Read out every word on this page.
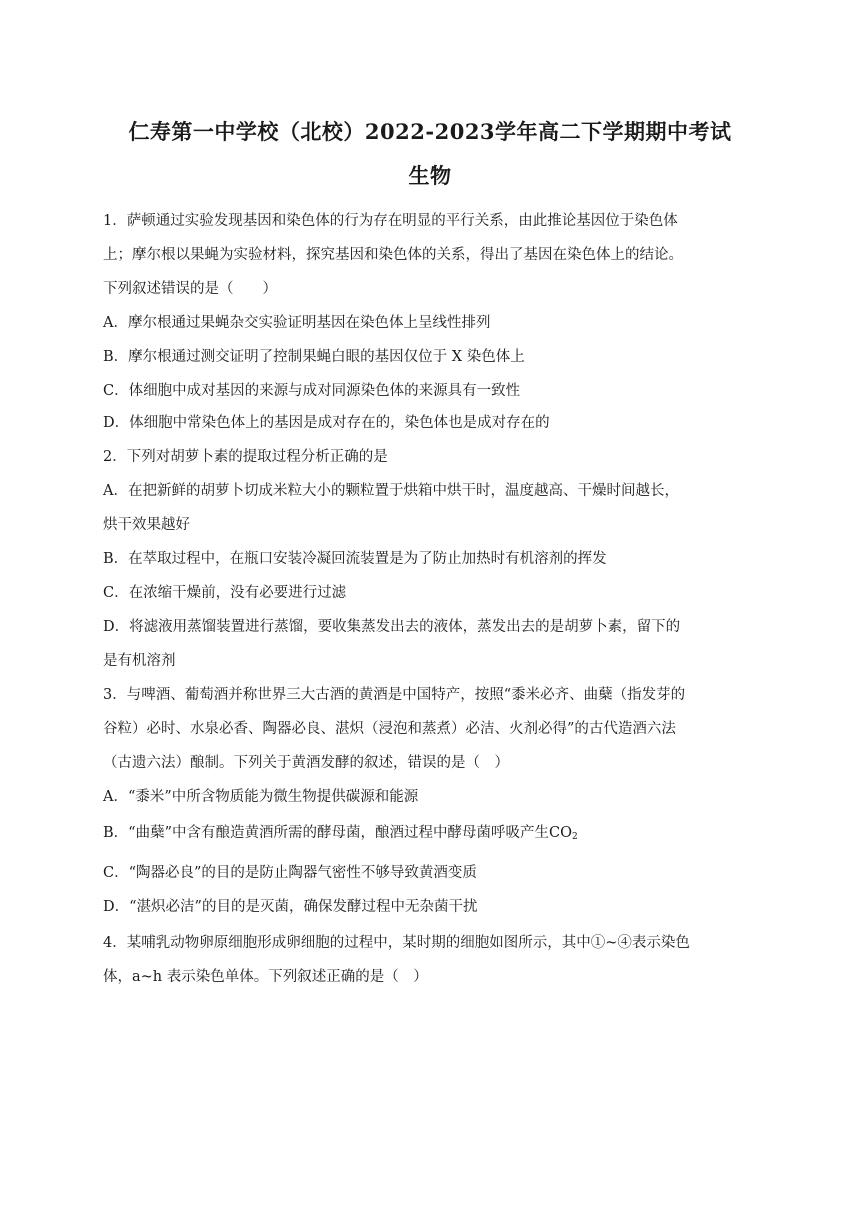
仁寿第一中学校（北校）2022-2023学年高二下学期期中考试
生物
1．萨顿通过实验发现基因和染色体的行为存在明显的平行关系，由此推论基因位于染色体
上；摩尔根以果蝇为实验材料，探究基因和染色体的关系，得出了基因在染色体上的结论。
下列叙述错误的是（　　）
A．摩尔根通过果蝇杂交实验证明基因在染色体上呈线性排列
B．摩尔根通过测交证明了控制果蝇白眼的基因仅位于 X 染色体上
C．体细胞中成对基因的来源与成对同源染色体的来源具有一致性
D．体细胞中常染色体上的基因是成对存在的，染色体也是成对存在的
2．下列对胡萝卜素的提取过程分析正确的是
A．在把新鲜的胡萝卜切成米粒大小的颗粒置于烘箱中烘干时，温度越高、干燥时间越长，
烘干效果越好
B．在萃取过程中，在瓶口安装冷凝回流装置是为了防止加热时有机溶剂的挥发
C．在浓缩干燥前，没有必要进行过滤
D．将滤液用蒸馏装置进行蒸馏，要收集蒸发出去的液体，蒸发出去的是胡萝卜素，留下的
是有机溶剂
3．与啤酒、葡萄酒并称世界三大古酒的黄酒是中国特产，按照“黍米必齐、曲蘖（指发芽的
谷粒）必时、水泉必香、陶器必良、湛炽（浸泡和蒸煮）必洁、火剂必得”的古代造酒六法
（古遗六法）酿制。下列关于黄酒发酵的叙述，错误的是（　）
A．“黍米”中所含物质能为微生物提供碳源和能源
B．“曲蘖”中含有酿造黄酒所需的酵母菌，酿酒过程中酵母菌呼吸产生$CO_2$
C．“陶器必良”的目的是防止陶器气密性不够导致黄酒变质
D．“湛炽必洁”的目的是灭菌，确保发酵过程中无杂菌干扰
4．某哺乳动物卵原细胞形成卵细胞的过程中，某时期的细胞如图所示，其中①~④表示染色
体，a~h 表示染色单体。下列叙述正确的是（　）
